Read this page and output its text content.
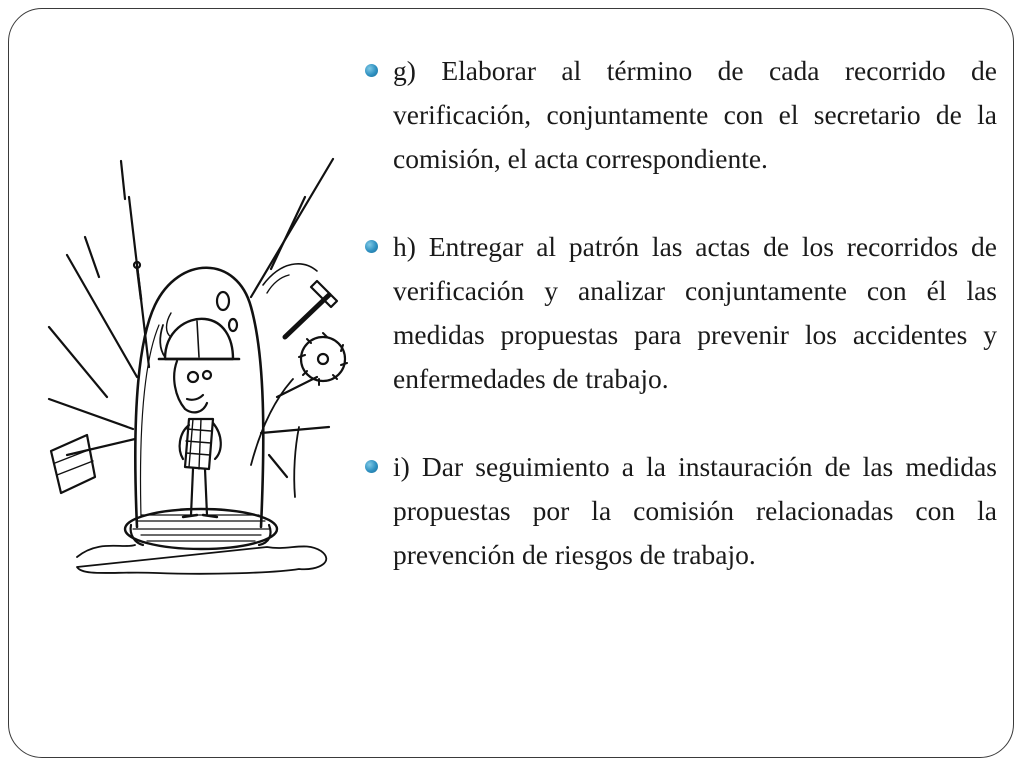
g) Elaborar al término de cada recorrido de verificación, conjuntamente con el secretario de la comisión, el acta correspondiente.
h) Entregar al patrón las actas de los recorridos de verificación y analizar conjuntamente con él las medidas propuestas para prevenir los accidentes y enfermedades de trabajo.
i) Dar seguimiento a la instauración de las medidas propuestas por la comisión relacionadas con la prevención de riesgos de trabajo.
